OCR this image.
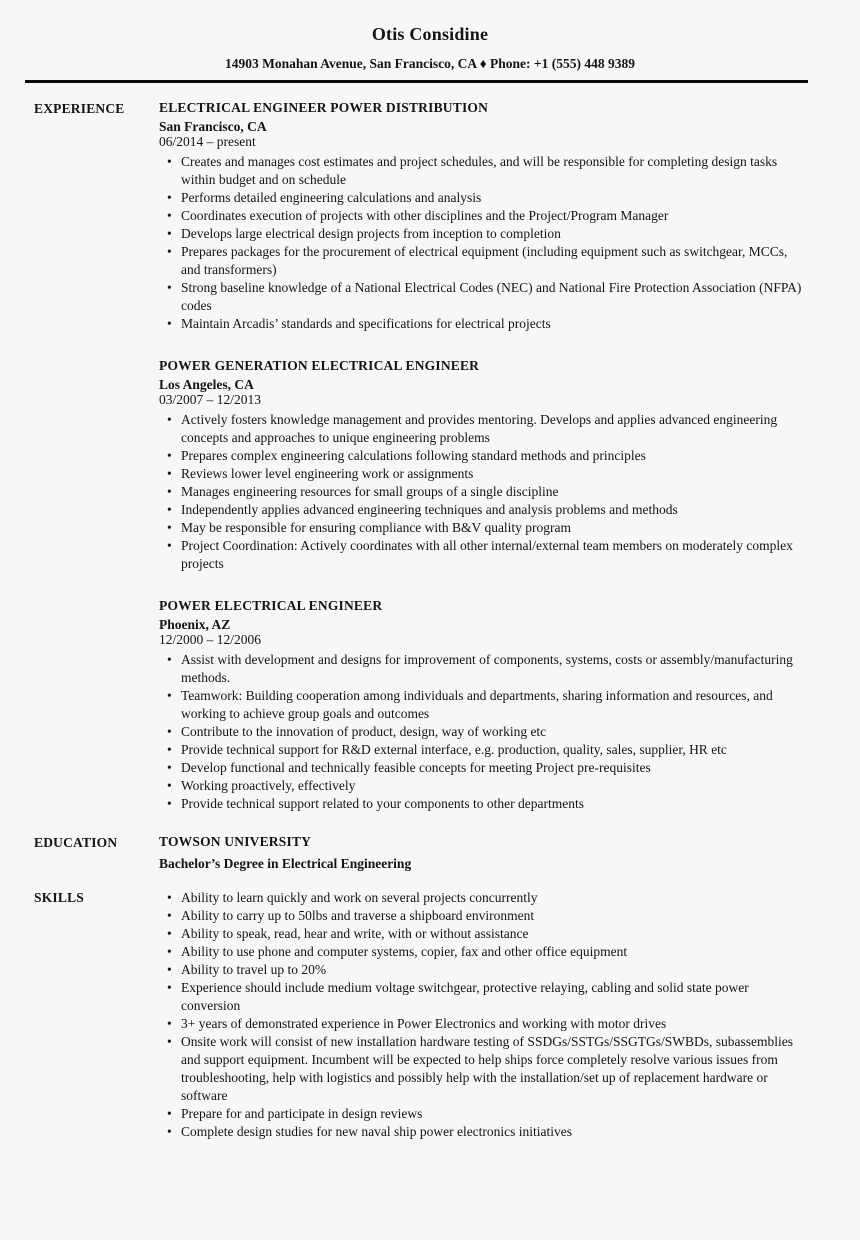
Otis Considine
14903 Monahan Avenue, San Francisco, CA ♦ Phone: +1 (555) 448 9389
EXPERIENCE	ELECTRICAL ENGINEER POWER DISTRIBUTION
San Francisco, CA
06/2014 – present
• Creates and manages cost estimates and project schedules, and will be responsible for completing design tasks within budget and on schedule
• Performs detailed engineering calculations and analysis
• Coordinates execution of projects with other disciplines and the Project/Program Manager
• Develops large electrical design projects from inception to completion
• Prepares packages for the procurement of electrical equipment (including equipment such as switchgear, MCCs, and transformers)
• Strong baseline knowledge of a National Electrical Codes (NEC) and National Fire Protection Association (NFPA) codes
• Maintain Arcadis’ standards and specifications for electrical projects
POWER GENERATION ELECTRICAL ENGINEER
Los Angeles, CA
03/2007 – 12/2013
• Actively fosters knowledge management and provides mentoring. Develops and applies advanced engineering concepts and approaches to unique engineering problems
• Prepares complex engineering calculations following standard methods and principles
• Reviews lower level engineering work or assignments
• Manages engineering resources for small groups of a single discipline
• Independently applies advanced engineering techniques and analysis problems and methods
• May be responsible for ensuring compliance with B&V quality program
• Project Coordination: Actively coordinates with all other internal/external team members on moderately complex projects
POWER ELECTRICAL ENGINEER
Phoenix, AZ
12/2000 – 12/2006
• Assist with development and designs for improvement of components, systems, costs or assembly/manufacturing methods.
• Teamwork: Building cooperation among individuals and departments, sharing information and resources, and working to achieve group goals and outcomes
• Contribute to the innovation of product, design, way of working etc
• Provide technical support for R&D external interface, e.g. production, quality, sales, supplier, HR etc
• Develop functional and technically feasible concepts for meeting Project pre-requisites
• Working proactively, effectively
• Provide technical support related to your components to other departments
EDUCATION	TOWSON UNIVERSITY
Bachelor’s Degree in Electrical Engineering
SKILLS	• Ability to learn quickly and work on several projects concurrently
• Ability to carry up to 50lbs and traverse a shipboard environment
• Ability to speak, read, hear and write, with or without assistance
• Ability to use phone and computer systems, copier, fax and other office equipment
• Ability to travel up to 20%
• Experience should include medium voltage switchgear, protective relaying, cabling and solid state power conversion
• 3+ years of demonstrated experience in Power Electronics and working with motor drives
• Onsite work will consist of new installation hardware testing of SSDGs/SSTGs/SSGTGs/SWBDs, subassemblies and support equipment. Incumbent will be expected to help ships force completely resolve various issues from troubleshooting, help with logistics and possibly help with the installation/set up of replacement hardware or software
• Prepare for and participate in design reviews
• Complete design studies for new naval ship power electronics initiatives
